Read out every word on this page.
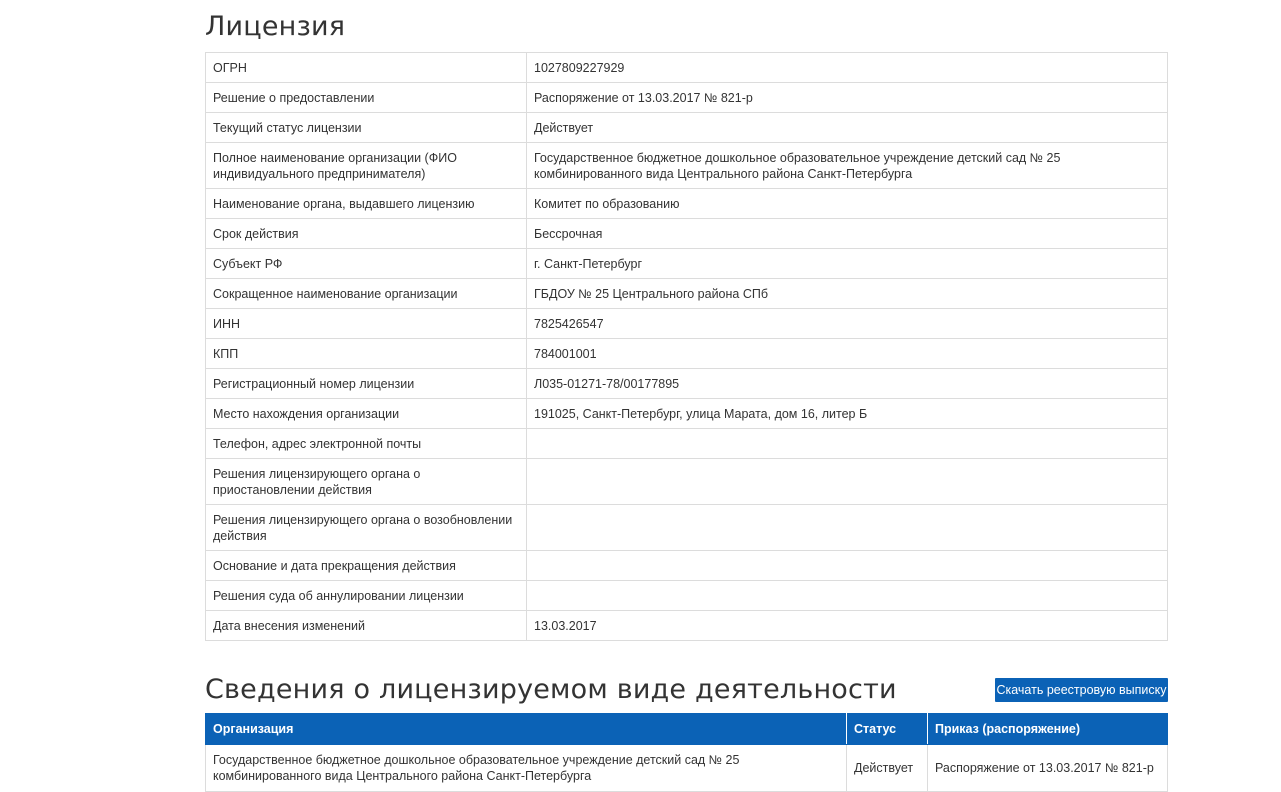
Лицензия
ОГРН	1027809227929
Решение о предоставлении	Распоряжение от 13.03.2017 № 821-р
Текущий статус лицензии	Действует
Полное наименование организации (ФИО индивидуального предпринимателя)	Государственное бюджетное дошкольное образовательное учреждение детский сад № 25 комбинированного вида Центрального района Санкт-Петербурга
Наименование органа, выдавшего лицензию	Комитет по образованию
Срок действия	Бессрочная
Субъект РФ	г. Санкт-Петербург
Сокращенное наименование организации	ГБДОУ № 25 Центрального района СПб
ИНН	7825426547
КПП	784001001
Регистрационный номер лицензии	Л035-01271-78/00177895
Место нахождения организации	191025, Санкт-Петербург, улица Марата, дом 16, литер Б
Телефон, адрес электронной почты	
Решения лицензирующего органа о приостановлении действия	
Решения лицензирующего органа о возобновлении действия	
Основание и дата прекращения действия	
Решения суда об аннулировании лицензии	
Дата внесения изменений	13.03.2017
Сведения о лицензируемом виде деятельности	Скачать реестровую выписку
Организация	Статус	Приказ (распоряжение)
Государственное бюджетное дошкольное образовательное учреждение детский сад № 25 комбинированного вида Центрального района Санкт-Петербурга	Действует	Распоряжение от 13.03.2017 № 821-р
